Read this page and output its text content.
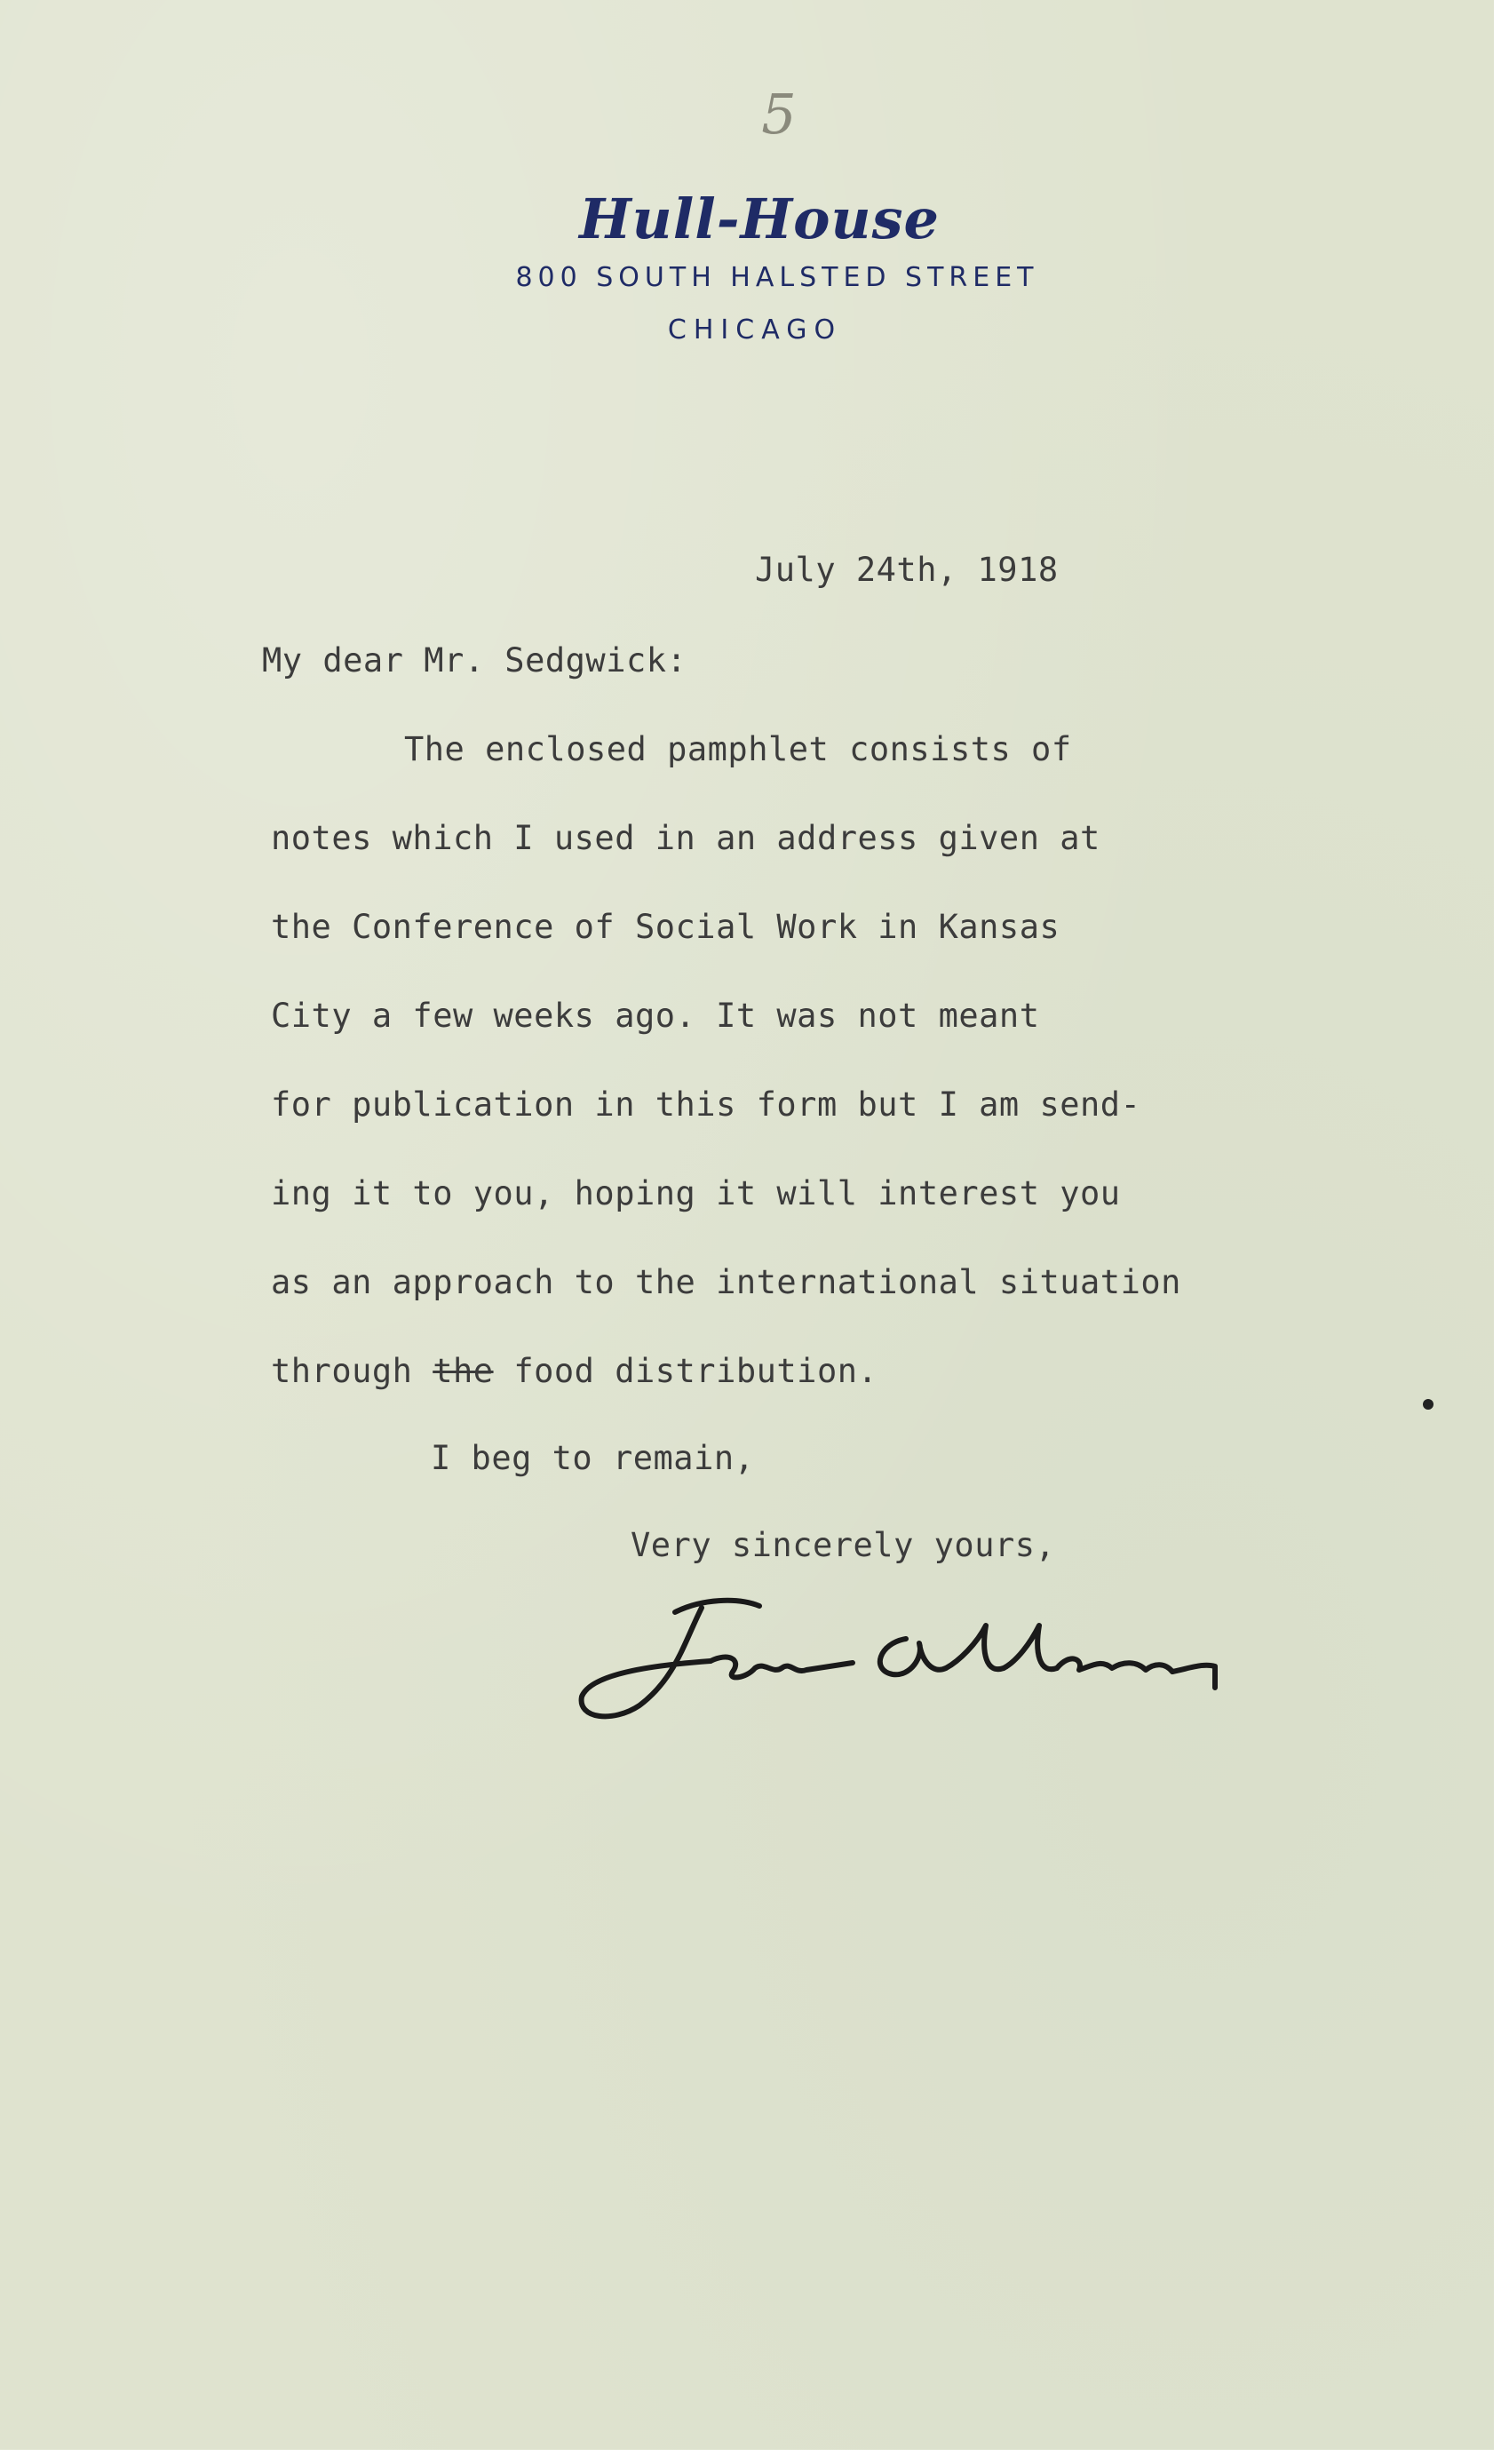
5
Hull-House
800 SOUTH HALSTED STREET
CHICAGO
July 24th, 1918
My dear Mr. Sedgwick:
The enclosed pamphlet consists of
notes which I used in an address given at
the Conference of Social Work in Kansas
City a few weeks ago. It was not meant
for publication in this form but I am send-
ing it to you, hoping it will interest you
as an approach to the international situation
through the food distribution.
I beg to remain,
Very sincerely yours,
